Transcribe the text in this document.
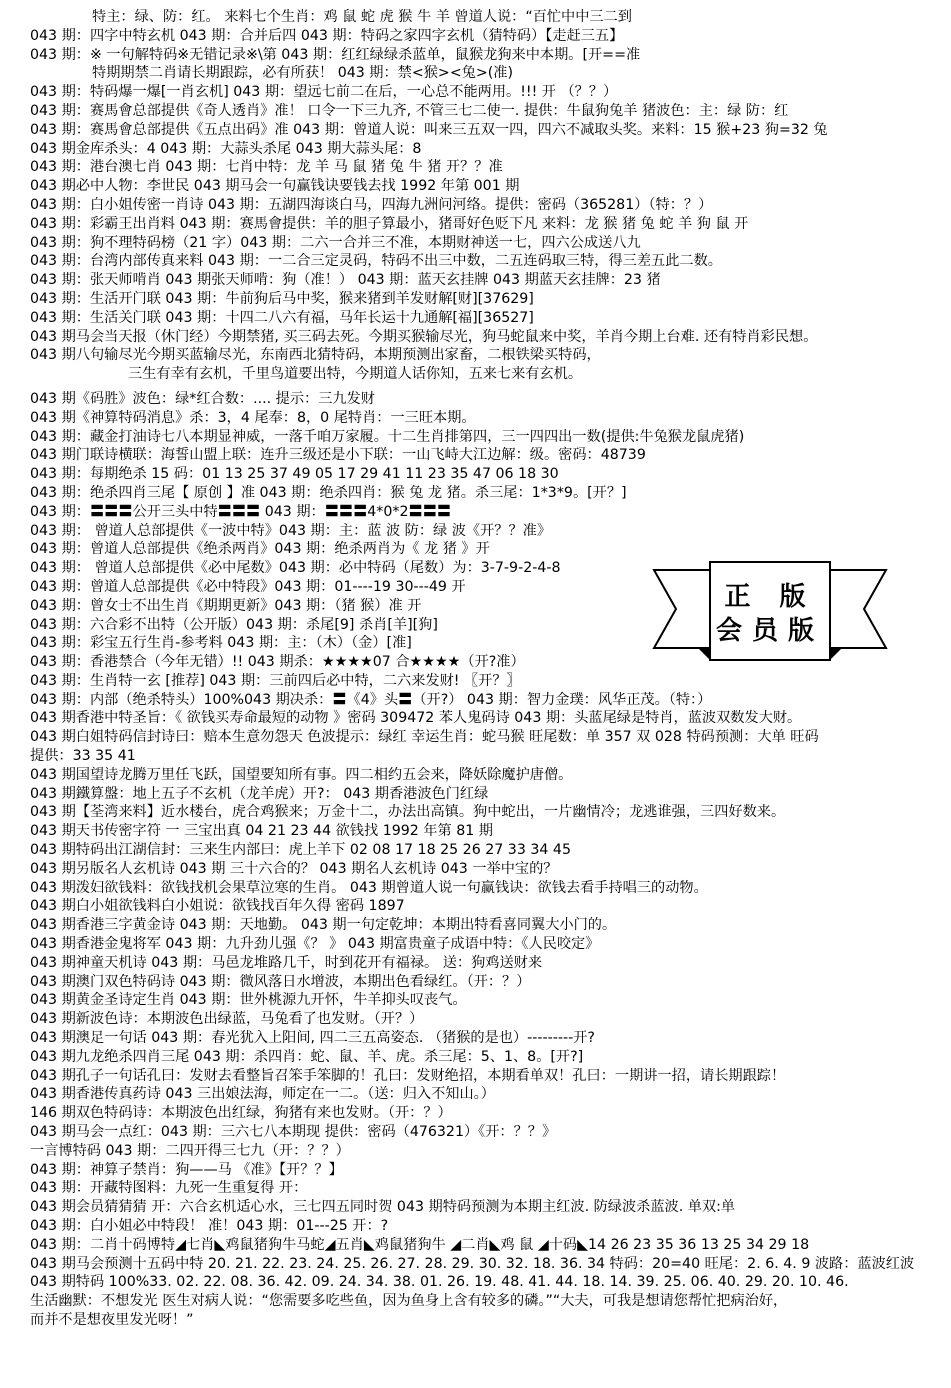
特主：绿、防：红。 来料七个生肖：鸡 鼠 蛇 虎 猴 牛 羊 曾道人说：“百忙中中三二到
043 期：四字中特玄机 043 期：合并后四 043 期：特码之家四字玄机（猜特码）【走赶三五】
043 期：※ 一句解特码※无错记录※\第 043 期：红红绿绿杀蓝单，鼠猴龙狗来中本期。[开==准
特期期禁二肖请长期跟踪，必有所获！ 043 期：禁<猴><兔>(准)
043 期：特码爆一爆[一肖玄机] 043 期：望远七前二在后，一心总不能两用。!!! 开 （？？）
043 期：赛馬會总部提供《奇人透肖》准！ 口令一下三九齐, 不管三七二使一. 提供：牛鼠狗兔羊 猪波色：主：绿 防：红
043 期：赛馬會总部提供《五点出码》准 043 期：曾道人说：叫来三五双一四，四六不减取头奖。来料：15 猴+23 狗=32 兔
043 期金库杀头：4 043 期：大蒜头杀尾 043 期大蒜头尾：8
043 期：港台澳七肖 043 期：七肖中特：龙 羊 马 鼠 猪 兔 牛 猪 开？？准
043 期必中人物：李世民 043 期马会一句赢钱诀要钱去找 1992 年第 001 期
043 期：白小姐传密一肖诗 043 期：五湖四海谈白马，四海九洲问河络。提供：密码（365281）（特：？）
043 期：彩霸王出肖料 043 期：赛馬會提供：羊的胆子算最小，猪哥好色贬下凡 来料：龙 猴 猪 兔 蛇 羊 狗 鼠 开
043 期：狗不理特码榜（21 字）043 期：二六一合并三不准，本期财神送一七，四六公成送八九
043 期：台湾内部传真来料 043 期：一二合三定灵码，特码不出三中数，二五连码取三特，得三差五此二数。
043 期：张天师啃肖 043 期张天师啃：狗（准！） 043 期：蓝天玄挂牌 043 期蓝天玄挂牌：23 猪
043 期：生活开门联 043 期：牛前狗后马中奖，猴来猪到羊发财解[财][37629]
043 期：生活关门联 043 期：十四二八六有福，马年长运十九通解[福][36527]
043 期马会当天报（休门经）今期禁猪, 买三码去死。今期买猴输尽光，狗马蛇鼠来中奖，羊肖今期上台难. 还有特肖彩民想。
043 期八句输尽光今期买蓝输尽光，东南西北猜特码，本期预测出家畜，二根铁梁买特码，
三生有幸有玄机，千里鸟道要出特，今期道人话你知，五来七来有玄机。
043 期《码胜》波色：绿*红合数：.... 提示：三九发财
043 期《神算特码消息》杀：3，4 尾奉：8，0 尾特肖：一三旺本期。
043 期：藏金打油诗七八本期显神威，一落千咱万家履。十二生肖排第四，三一四四出一数(提供:牛兔猴龙鼠虎猪)
043 期门联诗横联：海誓山盟上联：连升三级还是小下联：一山飞峙大江边解：级。密码：48739
043 期：每期绝杀 15 码：01 13 25 37 49 05 17 29 41 11 23 35 47 06 18 30
043 期：绝杀四肖三尾【 原创 】准 043 期：绝杀四肖：猴 兔 龙 猪。杀三尾：1*3*9。[开？]
043 期：〓〓〓公开三头中特〓〓〓 043 期：〓〓〓4*0*2〓〓〓
043 期： 曾道人总部提供《一波中特》043 期：主：蓝 波 防：绿 波《开？？准》
043 期：曾道人总部提供《绝杀两肖》043 期：绝杀两肖为《 龙 猪 》开
043 期： 曾道人总部提供《必中尾数》043 期：必中特码（尾数）为：3-7-9-2-4-8
043 期：曾道人总部提供《必中特段》043 期：01----19 30---49 开
043 期：曾女士不出生肖《期期更新》043 期：（猪 猴）准 开
043 期：六合彩不出特（公开版）043 期：杀尾[9] 杀肖[羊][狗]
043 期：彩宝五行生肖-参考料 043 期：主：（木）（金）[准]
043 期：香港禁合（今年无错）!! 043 期杀：★★★★07 合★★★★（开?准）
043 期：生肖特一玄 [推荐] 043 期：三前四后必中特，二六来发财! 〖开？〗
043 期：内部（绝杀特头）100%043 期决杀：〓《4》头〓（开?） 043 期：智力金璞：风华正茂。（特：）
043 期香港中特圣旨：《 欲钱买寿命最短的动物 》密码 309472 苯人鬼码诗 043 期：头蓝尾绿是特肖，蓝波双数发大财。
043 期白姐特码信封诗曰：赔本生意勿怨天 色波提示：绿红 幸运生肖：蛇马猴 旺尾数：单 357 双 028 特码预测：大单 旺码
提供：33 35 41
043 期国望诗龙腾万里任飞跃，国望要知所有事。四二相约五会来，降妖除魔护唐僧。
043 期鐵算盤：地上五子不玄机（龙羊虎）开?： 043 期香港波色门红绿
043 期【荃湾来料】近水楼台，虎合鸡猴来；万金十二，办法出高镇。狗中蛇出，一片幽情冷；龙逃谁强，三四好数来。
043 期天书传密字符 一 三宝出真 04 21 23 44 欲钱找 1992 年第 81 期
043 期特码出江湖信封：三来生内部曰：虎上羊下 02 08 17 18 25 26 27 33 34 45
043 期另版名人玄机诗 043 期 三十六合的？ 043 期名人玄机诗 043 一举中宝的？
043 期泼妇欲钱料：欲钱找机会果草泣寒的生肖。 043 期曾道人说一句赢钱诀：欲钱去看手持唱三的动物。
043 期白小姐欲钱料白小姐说：欲钱找百年久得 密码 1897
043 期香港三字黄金诗 043 期：天地勤。 043 期一句定乾坤：本期出特看喜同翼大小门的。
043 期香港金鬼将军 043 期：九升劲儿强《？ 》 043 期富贵童子成语中特：《人民咬定》
043 期神童天机诗 043 期：马邑龙堆路几千，时到花开有福禄。 送：狗鸡送财来
043 期澳门双色特码诗 043 期：微风落日水增波，本期出色看绿红。（开：？）
043 期黄金圣诗定生肖 043 期：世外桃源九开怀，牛羊抑头叹丧气。
043 期新波色诗：本期波色出绿蓝，马兔看了也发财。（开？）
043 期澳足一句话 043 期：春光犹入上阳间, 四二三五高姿态. （猪猴的是也）---------开?
043 期九龙绝杀四肖三尾 043 期：杀四肖：蛇、鼠、羊、虎。杀三尾：5、1、8。[开?]
043 期孔子一句话孔曰：发财去看整旨召笨手笨脚的！孔曰：发财绝招，本期看单双！孔曰：一期讲一招，请长期跟踪！
043 期香港传真药诗 043 三出娘法海，师定在一二。（送：归入不知山。）
146 期双色特码诗：本期波色出红绿，狗猪有来也发财。（开：？）
043 期马会一点红：043 期：三六七八本期现 提供：密码（476321）《开：？？》
一言博特码 043 期：二四开得三七九（开：？？）
043 期：神算子禁肖：狗——马 《准》【开？？】
043 期：开藏特图料：九死一生重复得 开：
043 期会员猜猜猜 开：六合玄机适心水，三七四五同时贺 043 期特码预测为本期主红波. 防绿波杀蓝波. 单双:单
043 期：白小姐必中特段！ 准！043 期：01---25 开：?
043 期：二肖十码博特◢七肖◣鸡鼠猪狗牛马蛇◢五肖◣鸡鼠猪狗牛 ◢二肖◣鸡 鼠 ◢十码◣14 26 23 35 36 13 25 34 29 18
043 期马会预测十五码中特 20. 21. 22. 23. 24. 25. 26. 27. 28. 29. 30. 32. 18. 36. 34 特码：20=40 旺尾：2. 6. 4. 9 波路：蓝波红波
043 期特码 100%33. 02. 22. 08. 36. 42. 09. 24. 34. 38. 01. 26. 19. 48. 41. 44. 18. 14. 39. 25. 06. 40. 29. 20. 10. 46.
生活幽默：不想发光 医生对病人说：“您需要多吃些鱼，因为鱼身上含有较多的磷。”“大夫，可我是想请您帮忙把病治好，
而并不是想夜里发光呀！”
正 版
会员版
